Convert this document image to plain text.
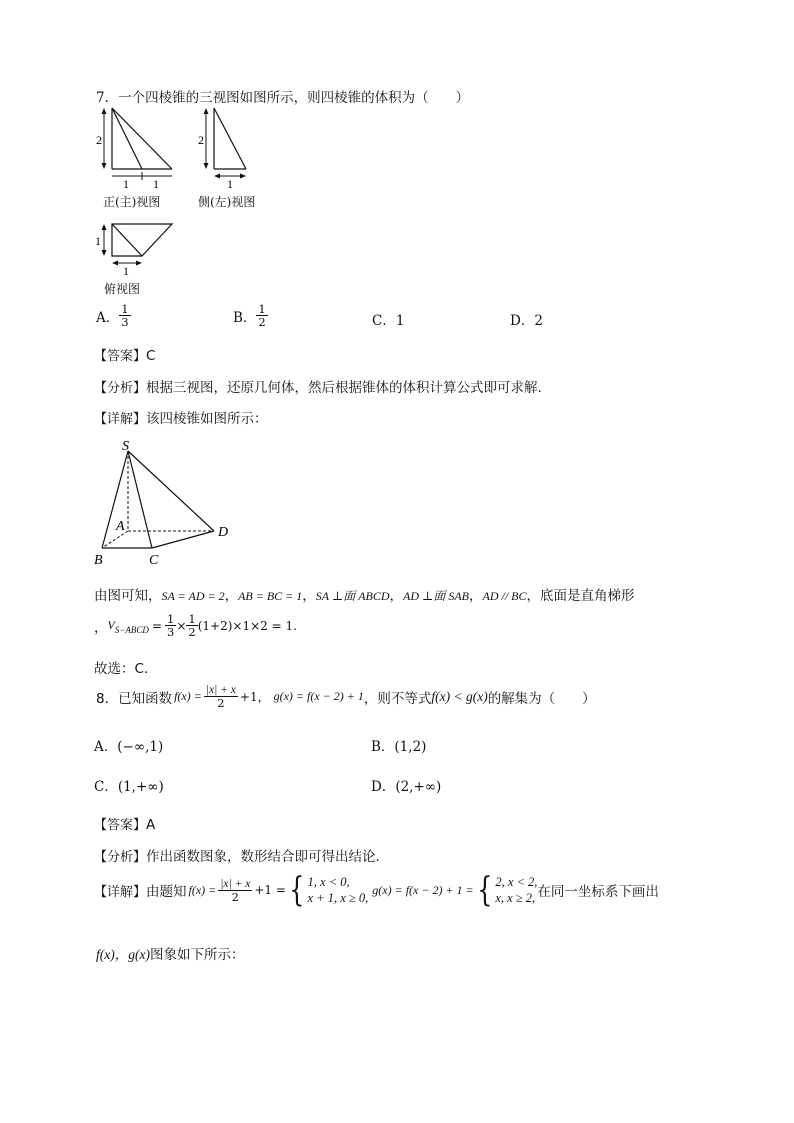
7．一个四棱锥的三视图如图所示，则四棱锥的体积为（　　）
2
1 1
正(主)视图
2
1
侧(左)视图
1
1
俯视图
A． $\frac{1}{3}$	B． $\frac{1}{2}$	C．1	D．2
【答案】C
【分析】根据三视图，还原几何体，然后根据锥体的体积计算公式即可求解.
【详解】该四棱锥如图所示：
S
A
B	C
D
由图可知，SA = AD = 2，AB = BC = 1，SA ⊥面 ABCD，AD ⊥面 SAB，AD // BC，底面是直角梯形
， V S−ABCD = $\frac{1}{3} \times \frac{1}{2} (1+2)\times 1\times 2 = 1$.
故选：C.
8．已知函数 $f(x) = \frac{|x| + x}{2} +1$， g(x) = f(x − 2) + 1 ，则不等式 f(x) < g(x) 的解集为（　　）
A．(−∞,1)	B．(1,2)
C．(1,+∞)	D．(2,+∞)
【答案】A
【分析】作出函数图象，数形结合即可得出结论.
【详解】 由题知 $f(x) = \frac{|x| + x}{2} +1$ = { 1, x < 0,
x + 1, x ≥ 0,
g(x) = f(x − 2) + 1 = { 2, x < 2,
x, x ≥ 2, 在同一坐标系下画出
f(x)，g(x)图象如下所示：
